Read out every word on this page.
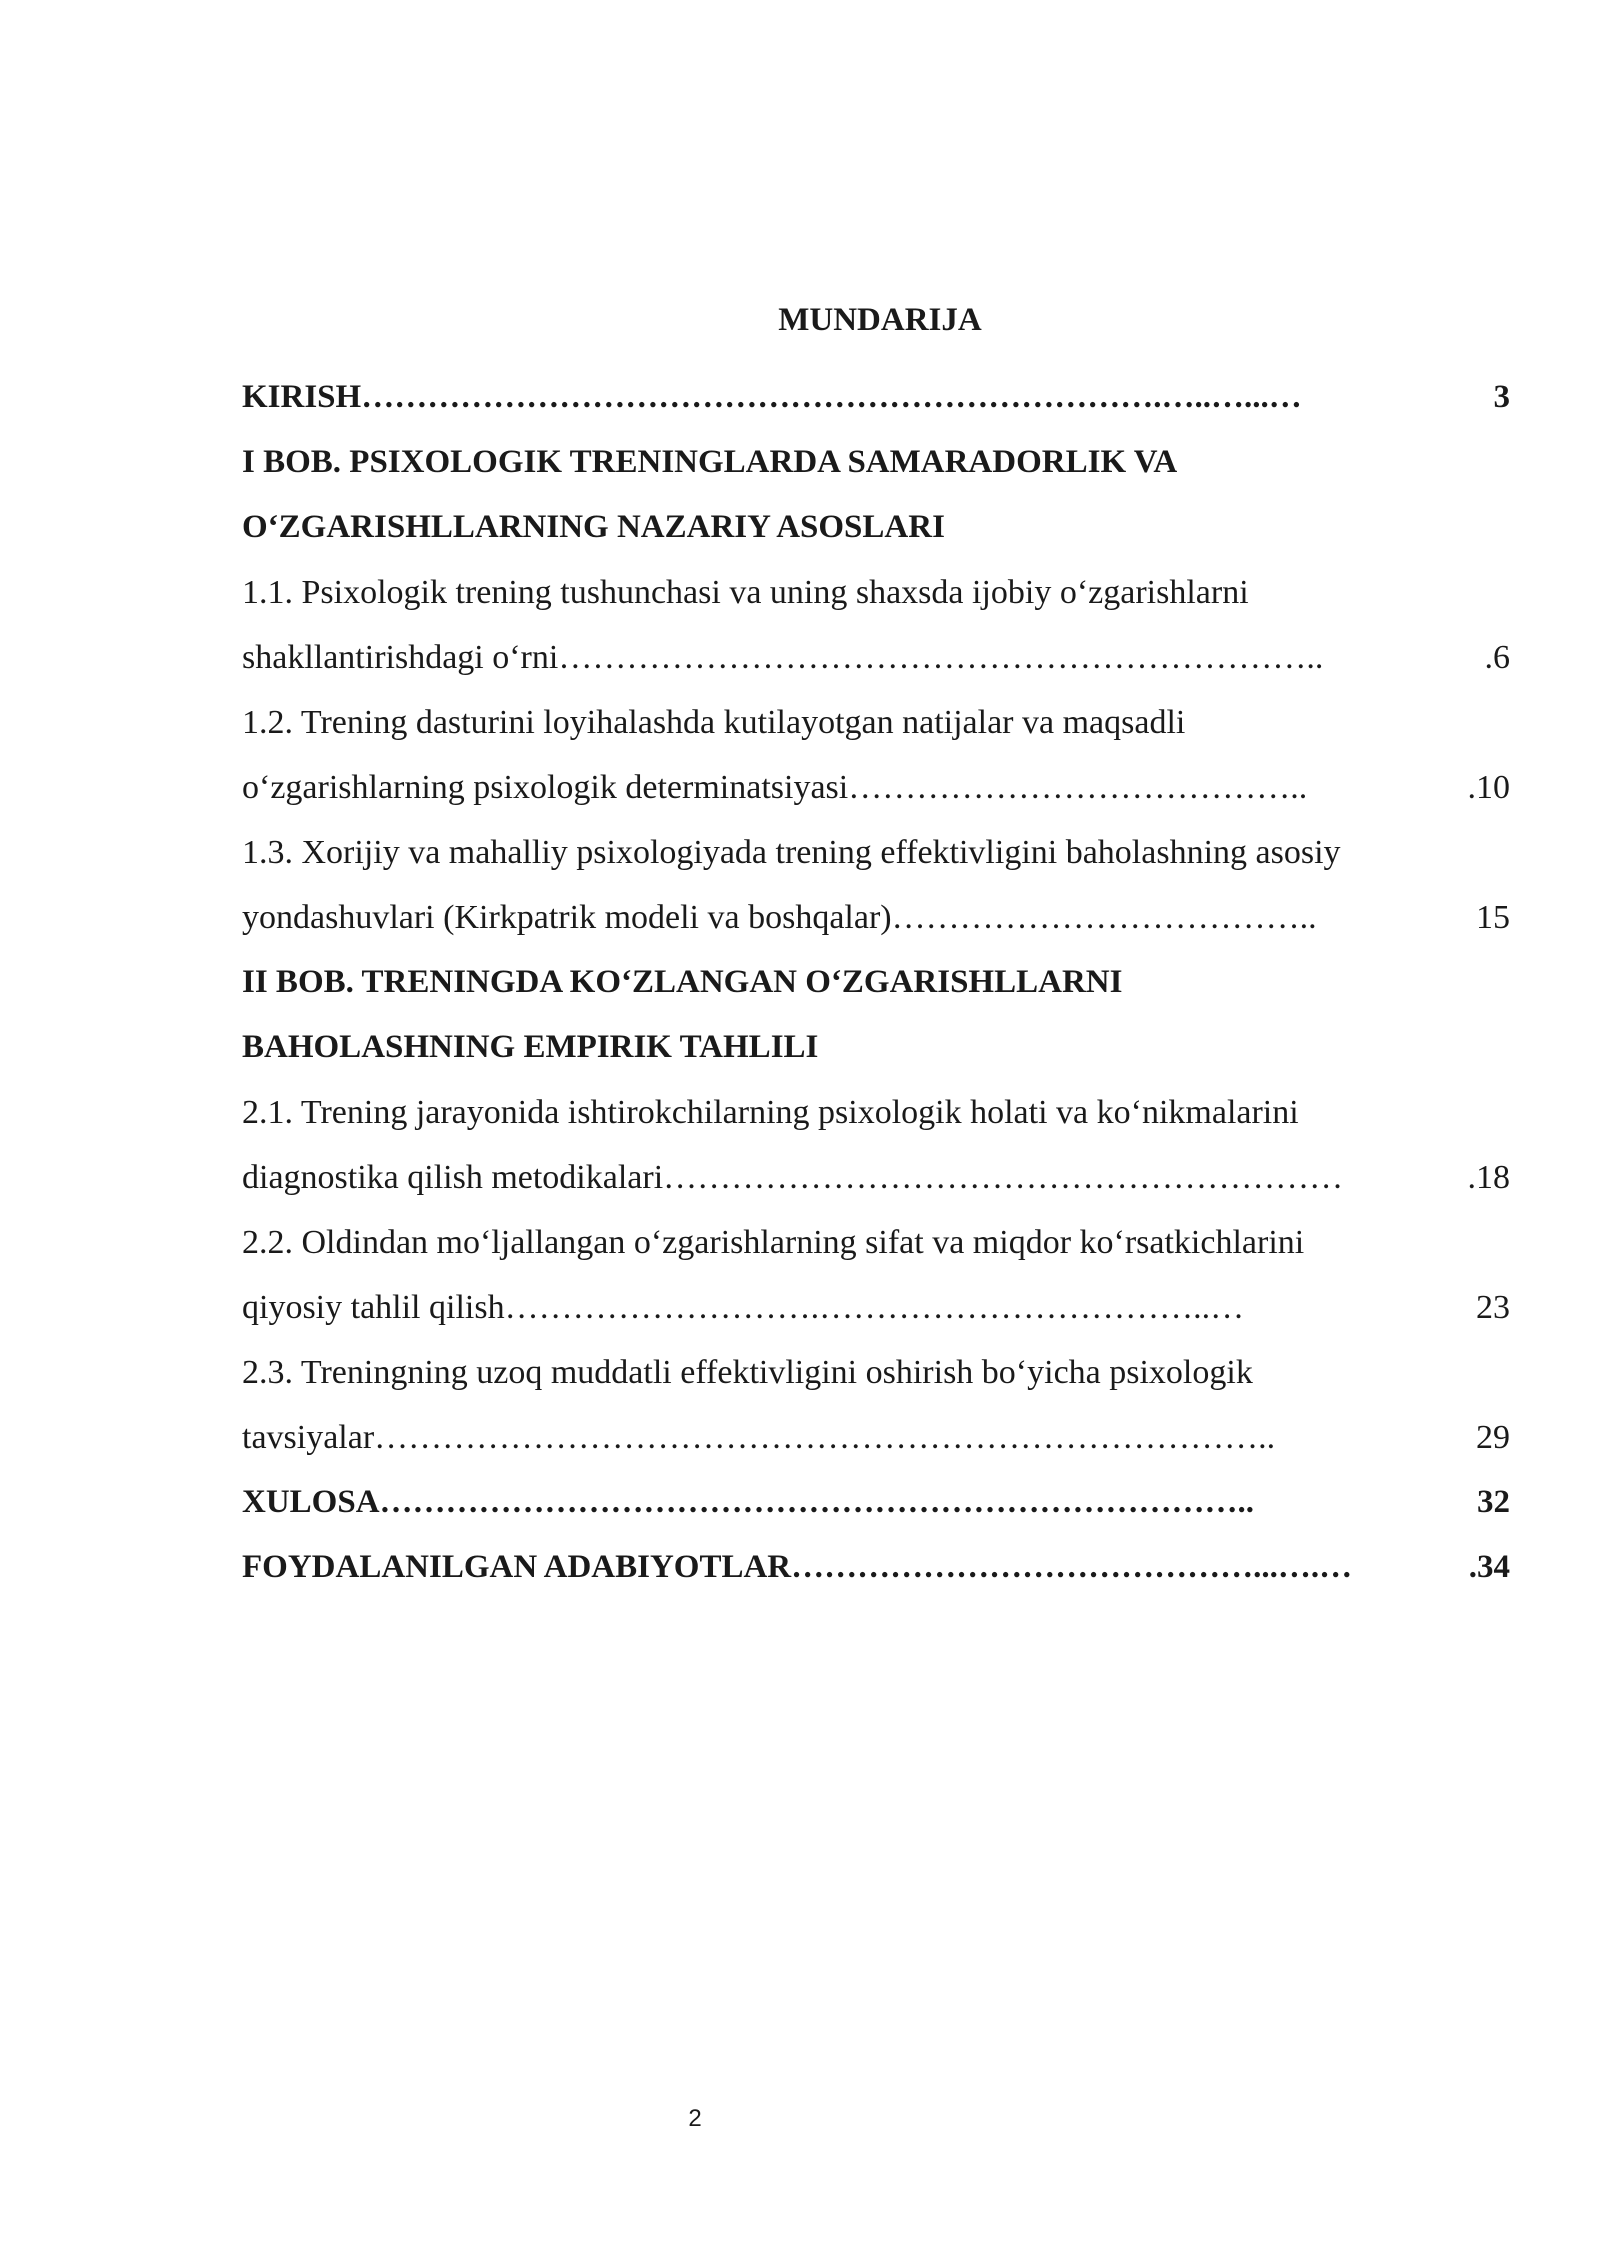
MUNDARIJA
KIRISH ……………………………………………………………….…..…...…	3
I BOB. PSIXOLOGIK TRENINGLARDA SAMARADORLIK VA
O‘ZGARISHLLARNING NAZARIY ASOSLARI
1.1. Psixologik trening tushunchasi va uning shaxsda ijobiy o‘zgarishlarni
shakllantirishdagi o‘rni …………………………………………………………..	.6
1.2. Trening dasturini loyihalashda kutilayotgan natijalar va maqsadli
o‘zgarishlarning psixologik determinatsiyasi …………………………………..	.10
1.3. Xorijiy va mahalliy psixologiyada trening effektivligini baholashning asosiy
yondashuvlari (Kirkpatrik modeli va boshqalar) ………………………………..	15
II BOB. TRENINGDA KO‘ZLANGAN O‘ZGARISHLLARNI
BAHOLASHNING EMPIRIK TAHLILI
2.1. Trening jarayonida ishtirokchilarning psixologik holati va ko‘nikmalarini
diagnostika qilish metodikalari ……………………………………………………	.18
2.2. Oldindan mo‘ljallangan o‘zgarishlarning sifat va miqdor ko‘rsatkichlarini
qiyosiy tahlil qilish ……………………….……………………………..…	23
2.3. Treningning uzoq muddatli effektivligini oshirish bo‘yicha psixologik
tavsiyalar ……………………………………………………………………..	29
XULOSA ……………………………………………………………………..	32
FOYDALANILGAN ADABIYOTLAR ……………………………………...….…	.34
2
